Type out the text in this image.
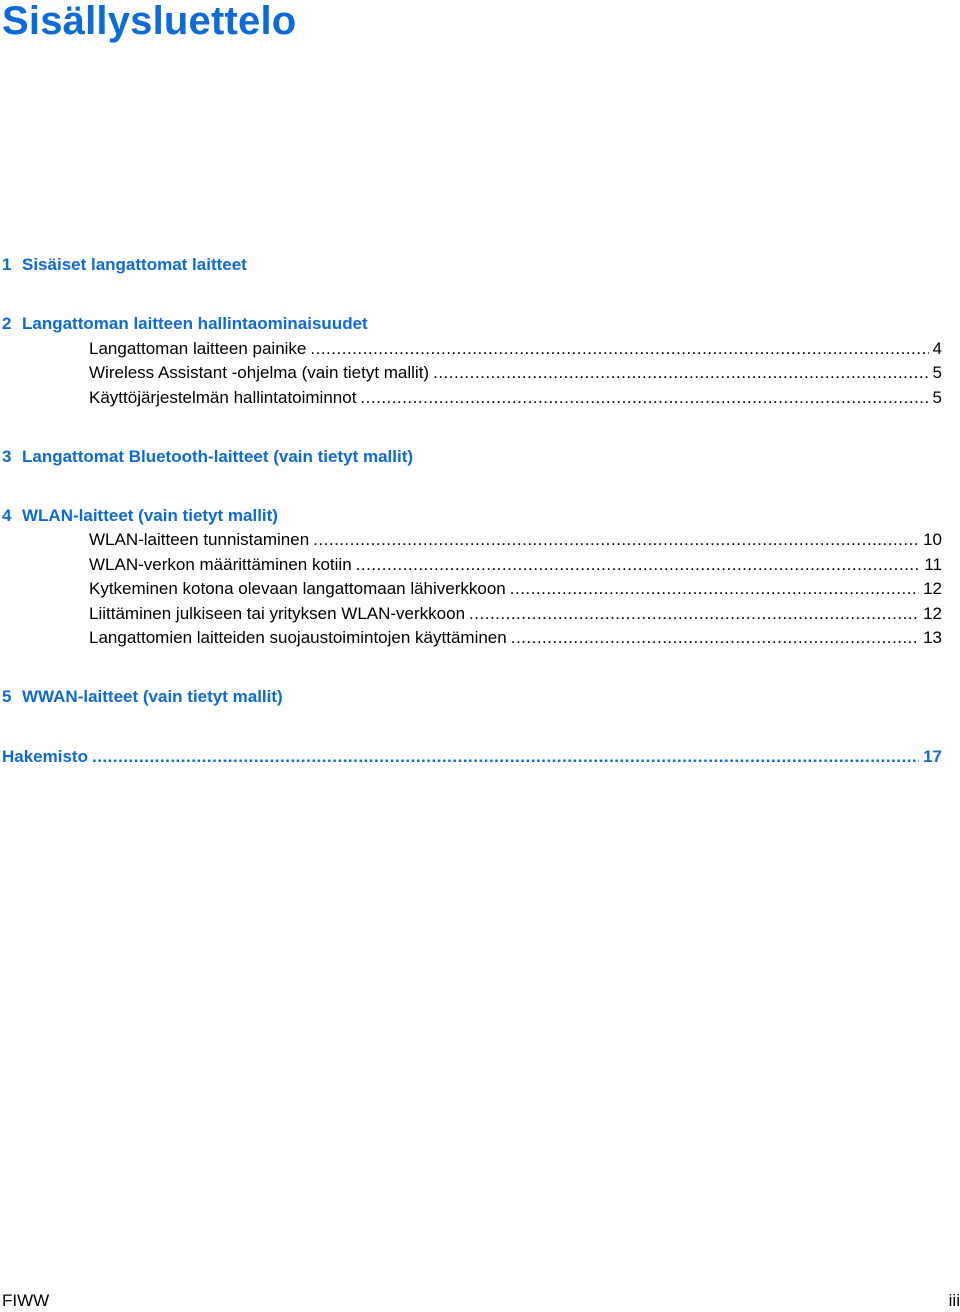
Sisällysluettelo
1 Sisäiset langattomat laitteet
2 Langattoman laitteen hallintaominaisuudet
Langattoman laitteen painike .....	4
Wireless Assistant -ohjelma (vain tietyt mallit) .....	5
Käyttöjärjestelmän hallintatoiminnot .....	5
3 Langattomat Bluetooth-laitteet (vain tietyt mallit)
4 WLAN-laitteet (vain tietyt mallit)
WLAN-laitteen tunnistaminen .....	10
WLAN-verkon määrittäminen kotiin .....	11
Kytkeminen kotona olevaan langattomaan lähiverkkoon .....	12
Liittäminen julkiseen tai yrityksen WLAN-verkkoon .....	12
Langattomien laitteiden suojaustoimintojen käyttäminen .....	13
5 WWAN-laitteet (vain tietyt mallit)
Hakemisto .....	17
FIWW	iii
